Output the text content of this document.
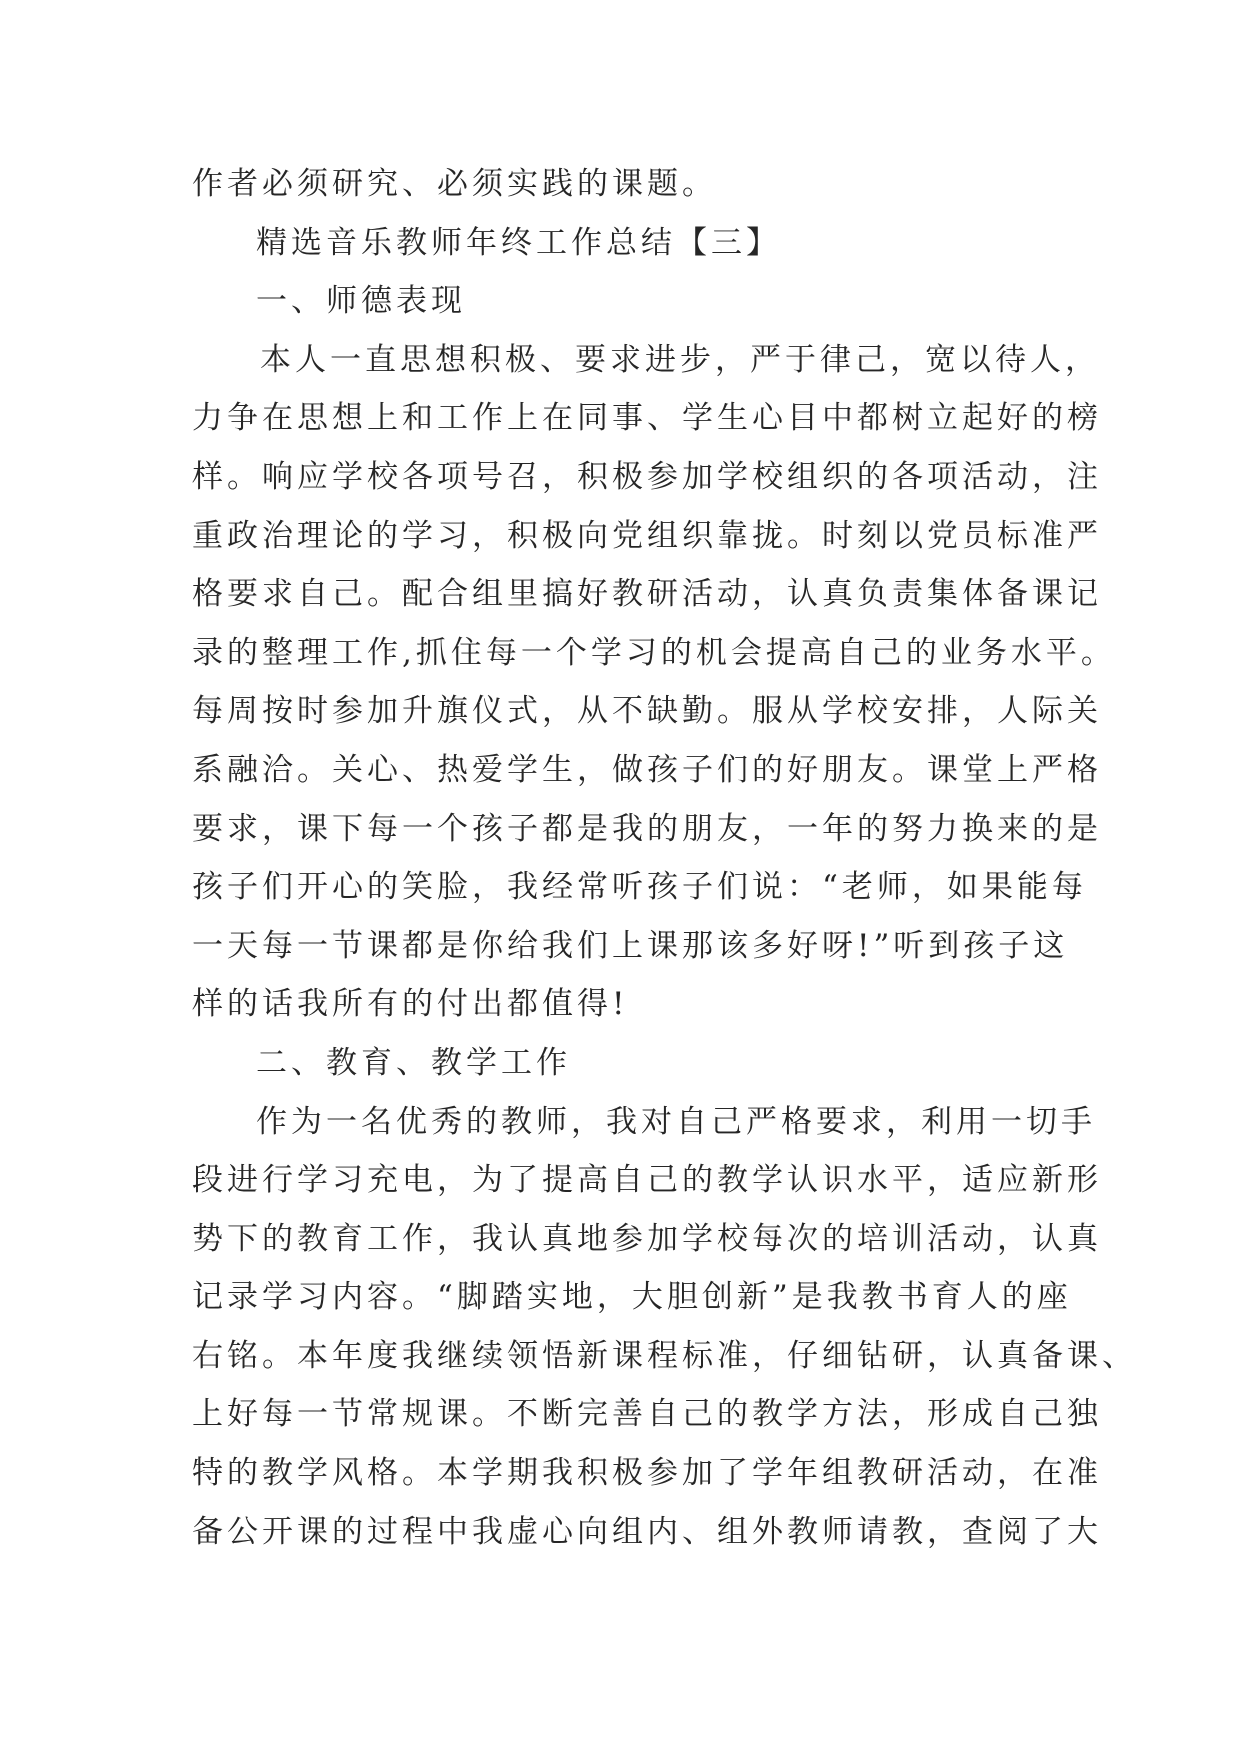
作者必须研究、必须实践的课题。
精选音乐教师年终工作总结【三】
一、师德表现
本人一直思想积极、要求进步，严于律己，宽以待人，
力争在思想上和工作上在同事、学生心目中都树立起好的榜
样。响应学校各项号召，积极参加学校组织的各项活动，注
重政治理论的学习，积极向党组织靠拢。时刻以党员标准严
格要求自己。配合组里搞好教研活动，认真负责集体备课记
录的整理工作,抓住每一个学习的机会提高自己的业务水平。
每周按时参加升旗仪式，从不缺勤。服从学校安排，人际关
系融洽。关心、热爱学生，做孩子们的好朋友。课堂上严格
要求，课下每一个孩子都是我的朋友，一年的努力换来的是
孩子们开心的笑脸，我经常听孩子们说：“老师，如果能每
一天每一节课都是你给我们上课那该多好呀!”听到孩子这
样的话我所有的付出都值得!
二、教育、教学工作
作为一名优秀的教师，我对自己严格要求，利用一切手
段进行学习充电，为了提高自己的教学认识水平，适应新形
势下的教育工作，我认真地参加学校每次的培训活动，认真
记录学习内容。“脚踏实地，大胆创新”是我教书育人的座
右铭。本年度我继续领悟新课程标准，仔细钻研，认真备课、
上好每一节常规课。不断完善自己的教学方法，形成自己独
特的教学风格。本学期我积极参加了学年组教研活动，在准
备公开课的过程中我虚心向组内、组外教师请教，查阅了大
